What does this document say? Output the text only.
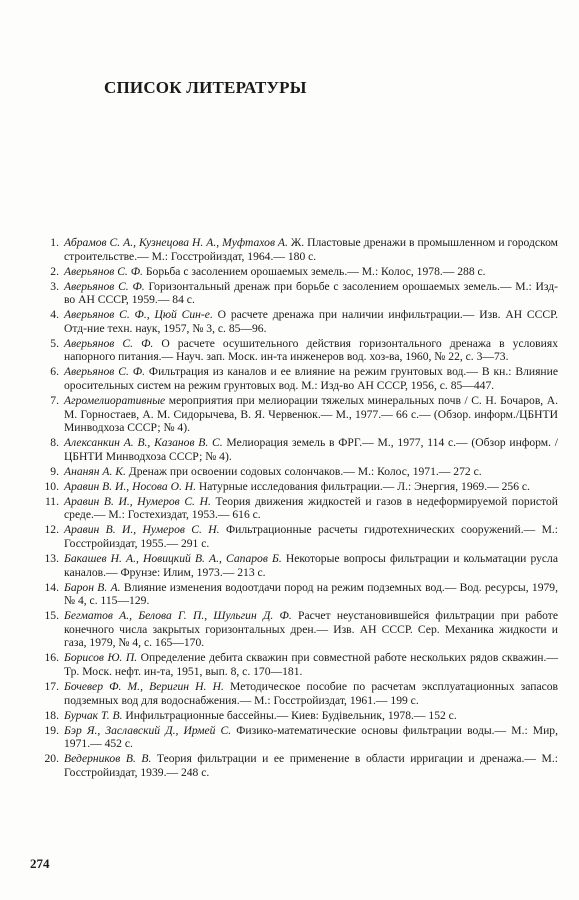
СПИСОК ЛИТЕРАТУРЫ
1. Абрамов С. А., Кузнецова Н. А., Муфтахов А. Ж. Пластовые дренажи в промышленном и городском строительстве.— М.: Госстройиздат, 1964.— 180 с.
2. Аверьянов С. Ф. Борьба с засолением орошаемых земель.— М.: Колос, 1978.— 288 с.
3. Аверьянов С. Ф. Горизонтальный дренаж при борьбе с засолением орошаемых земель.— М.: Изд-во АН СССР, 1959.— 84 с.
4. Аверьянов С. Ф., Цюй Син-е. О расчете дренажа при наличии инфильтрации.— Изв. АН СССР. Отд-ние техн. наук, 1957, № 3, с. 85—96.
5. Аверьянов С. Ф. О расчете осушительного действия горизонтального дренажа в условиях напорного питания.— Науч. зап. Моск. ин-та инженеров вод. хоз-ва, 1960, № 22, с. 3—73.
6. Аверьянов С. Ф. Фильтрация из каналов и ее влияние на режим грунтовых вод.— В кн.: Влияние оросительных систем на режим грунтовых вод. М.: Изд-во АН СССР, 1956, с. 85—447.
7. Агромелиоративные мероприятия при мелиорации тяжелых минеральных почв / С. Н. Бочаров, А. М. Горностаев, А. М. Сидорычева, В. Я. Червенюк.— М., 1977.— 66 с.— (Обзор. информ./ЦБНТИ Минводхоза СССР; № 4).
8. Алексанкин А. В., Казанов В. С. Мелиорация земель в ФРГ.— М., 1977, 114 с.— (Обзор информ. / ЦБНТИ Минводхоза СССР; № 4).
9. Ананян А. К. Дренаж при освоении содовых солончаков.— М.: Колос, 1971.— 272 с.
10. Аравин В. И., Носова О. Н. Натурные исследования фильтрации.— Л.: Энергия, 1969.— 256 с.
11. Аравин В. И., Нумеров С. Н. Теория движения жидкостей и газов в недеформируемой пористой среде.— М.: Гостехиздат, 1953.— 616 с.
12. Аравин В. И., Нумеров С. Н. Фильтрационные расчеты гидротехнических сооружений.— М.: Госстройиздат, 1955.— 291 с.
13. Бакашев Н. А., Новицкий В. А., Сапаров Б. Некоторые вопросы фильтрации и кольматации русла каналов.— Фрунзе: Илим, 1973.— 213 с.
14. Барон В. А. Влияние изменения водоотдачи пород на режим подземных вод.— Вод. ресурсы, 1979, № 4, с. 115—129.
15. Бегматов А., Белова Г. П., Шульгин Д. Ф. Расчет неустановившейся фильтрации при работе конечного числа закрытых горизонтальных дрен.— Изв. АН СССР. Сер. Механика жидкости и газа, 1979, № 4, с. 165—170.
16. Борисов Ю. П. Определение дебита скважин при совместной работе нескольких рядов скважин.— Тр. Моск. нефт. ин-та, 1951, вып. 8, с. 170—181.
17. Бочевер Ф. М., Веригин Н. Н. Методическое пособие по расчетам эксплуатационных запасов подземных вод для водоснабжения.— М.: Госстройиздат, 1961.— 199 с.
18. Бурчак Т. В. Инфильтрационные бассейны.— Киев: Будівельник, 1978.— 152 с.
19. Бэр Я., Заславский Д., Ирмей С. Физико-математические основы фильтрации воды.— М.: Мир, 1971.— 452 с.
20. Ведерников В. В. Теория фильтрации и ее применение в области ирригации и дренажа.— М.: Госстройиздат, 1939.— 248 с.
274
